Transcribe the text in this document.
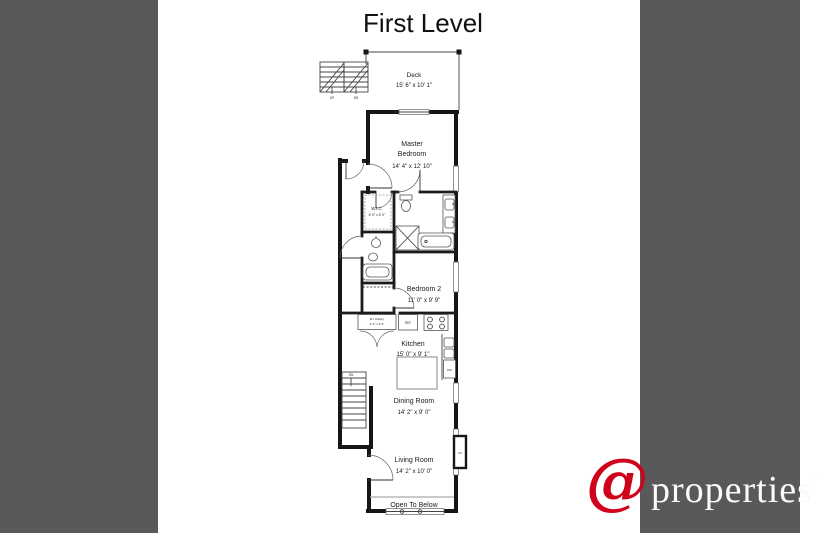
First Level
Deck
15' 6" x 10' 1"
Master
Bedroom
14' 4" x 12' 10"
W.I.C.
6' 0" x 5' 0"
Bedroom 2
11' 0" x 9' 9"
B.I. Pantry
4' 0" x 2' 0"
Kitchen
15' 0" x 9' 1"
Dining Room
14' 2" x 9' 0"
Living Room
14' 2" x 10' 0"
Open To Below
UP	DN
DN
REF
DW
FP @ properties ®
